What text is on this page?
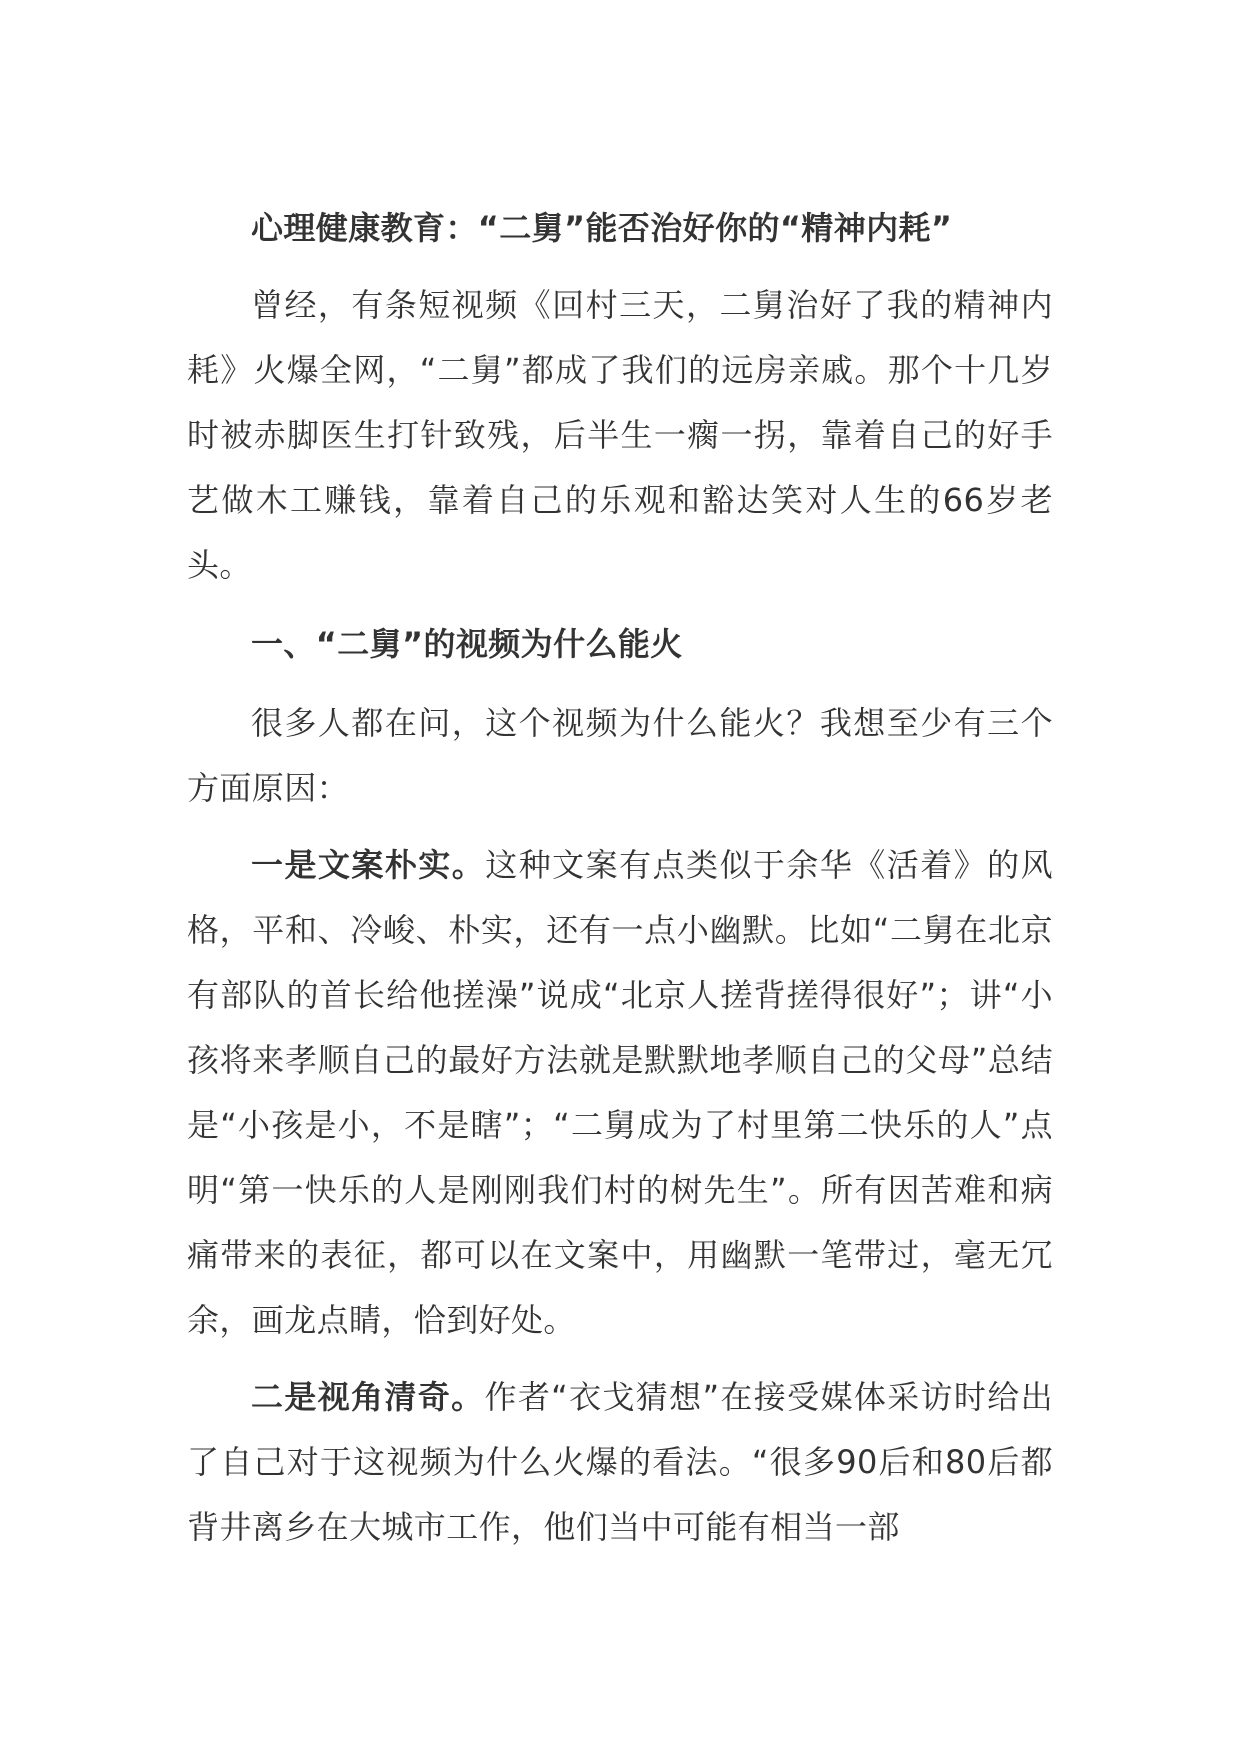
心理健康教育：“二舅”能否治好你的“精神内耗”

曾经，有条短视频《回村三天，二舅治好了我的精神内耗》火爆全网，“二舅”都成了我们的远房亲戚。那个十几岁时被赤脚医生打针致残，后半生一瘸一拐，靠着自己的好手艺做木工赚钱，靠着自己的乐观和豁达笑对人生的66岁老头。

一、“二舅”的视频为什么能火

很多人都在问，这个视频为什么能火？我想至少有三个方面原因：

一是文案朴实。这种文案有点类似于余华《活着》的风格，平和、冷峻、朴实，还有一点小幽默。比如“二舅在北京有部队的首长给他搓澡”说成“北京人搓背搓得很好”；讲“小孩将来孝顺自己的最好方法就是默默地孝顺自己的父母”总结是“小孩是小，不是瞎”；“二舅成为了村里第二快乐的人”点明“第一快乐的人是刚刚我们村的树先生”。所有因苦难和病痛带来的表征，都可以在文案中，用幽默一笔带过，毫无冗余，画龙点睛，恰到好处。

二是视角清奇。作者“衣戈猜想”在接受媒体采访时给出了自己对于这视频为什么火爆的看法。“很多90后和80后都背井离乡在大城市工作，他们当中可能有相当一部
